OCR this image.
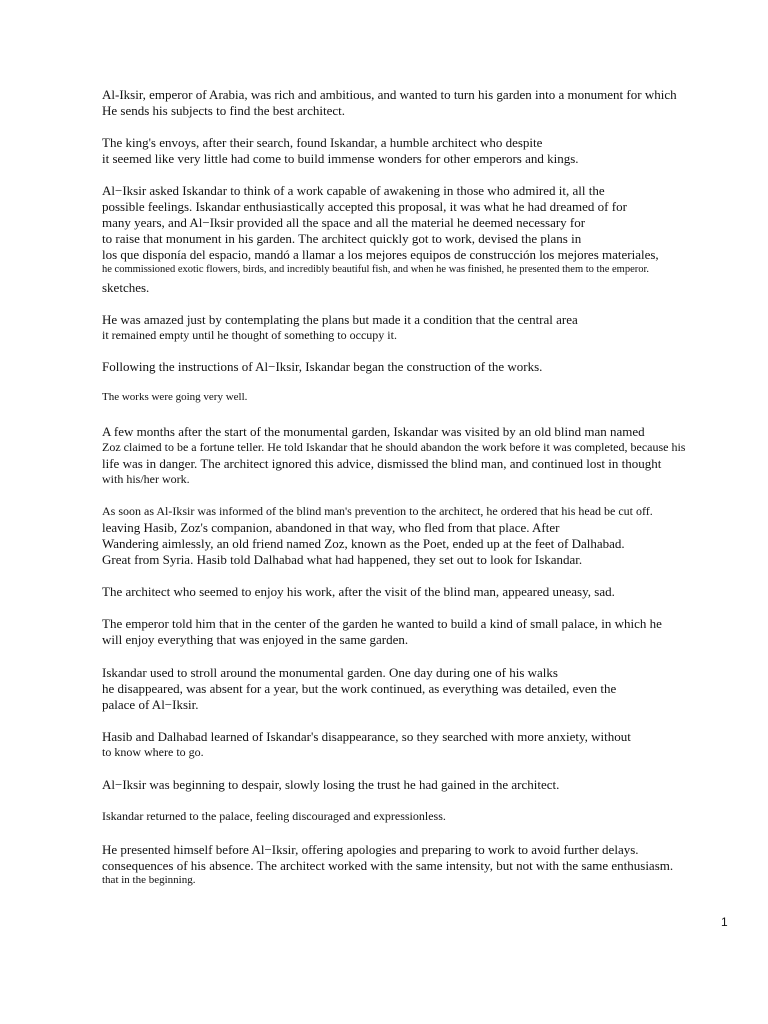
Al-Iksir, emperor of Arabia, was rich and ambitious, and wanted to turn his garden into a monument for which
He sends his subjects to find the best architect.
The king's envoys, after their search, found Iskandar, a humble architect who despite
it seemed like very little had come to build immense wonders for other emperors and kings.
Al−Iksir asked Iskandar to think of a work capable of awakening in those who admired it, all the
possible feelings. Iskandar enthusiastically accepted this proposal, it was what he had dreamed of for
many years, and Al−Iksir provided all the space and all the material he deemed necessary for
to raise that monument in his garden. The architect quickly got to work, devised the plans in
los que disponía del espacio, mandó a llamar a los mejores equipos de construcción los mejores materiales,
he commissioned exotic flowers, birds, and incredibly beautiful fish, and when he was finished, he presented them to the emperor.
sketches.
He was amazed just by contemplating the plans but made it a condition that the central area
it remained empty until he thought of something to occupy it.
Following the instructions of Al−Iksir, Iskandar began the construction of the works.
The works were going very well.
A few months after the start of the monumental garden, Iskandar was visited by an old blind man named
Zoz claimed to be a fortune teller. He told Iskandar that he should abandon the work before it was completed, because his
life was in danger. The architect ignored this advice, dismissed the blind man, and continued lost in thought
with his/her work.
As soon as Al-Iksir was informed of the blind man's prevention to the architect, he ordered that his head be cut off.
leaving Hasib, Zoz's companion, abandoned in that way, who fled from that place. After
Wandering aimlessly, an old friend named Zoz, known as the Poet, ended up at the feet of Dalhabad.
Great from Syria. Hasib told Dalhabad what had happened, they set out to look for Iskandar.
The architect who seemed to enjoy his work, after the visit of the blind man, appeared uneasy, sad.
The emperor told him that in the center of the garden he wanted to build a kind of small palace, in which he
will enjoy everything that was enjoyed in the same garden.
Iskandar used to stroll around the monumental garden. One day during one of his walks
he disappeared, was absent for a year, but the work continued, as everything was detailed, even the
palace of Al−Iksir.
Hasib and Dalhabad learned of Iskandar's disappearance, so they searched with more anxiety, without
to know where to go.
Al−Iksir was beginning to despair, slowly losing the trust he had gained in the architect.
Iskandar returned to the palace, feeling discouraged and expressionless.
He presented himself before Al−Iksir, offering apologies and preparing to work to avoid further delays.
consequences of his absence. The architect worked with the same intensity, but not with the same enthusiasm.
that in the beginning.
1
